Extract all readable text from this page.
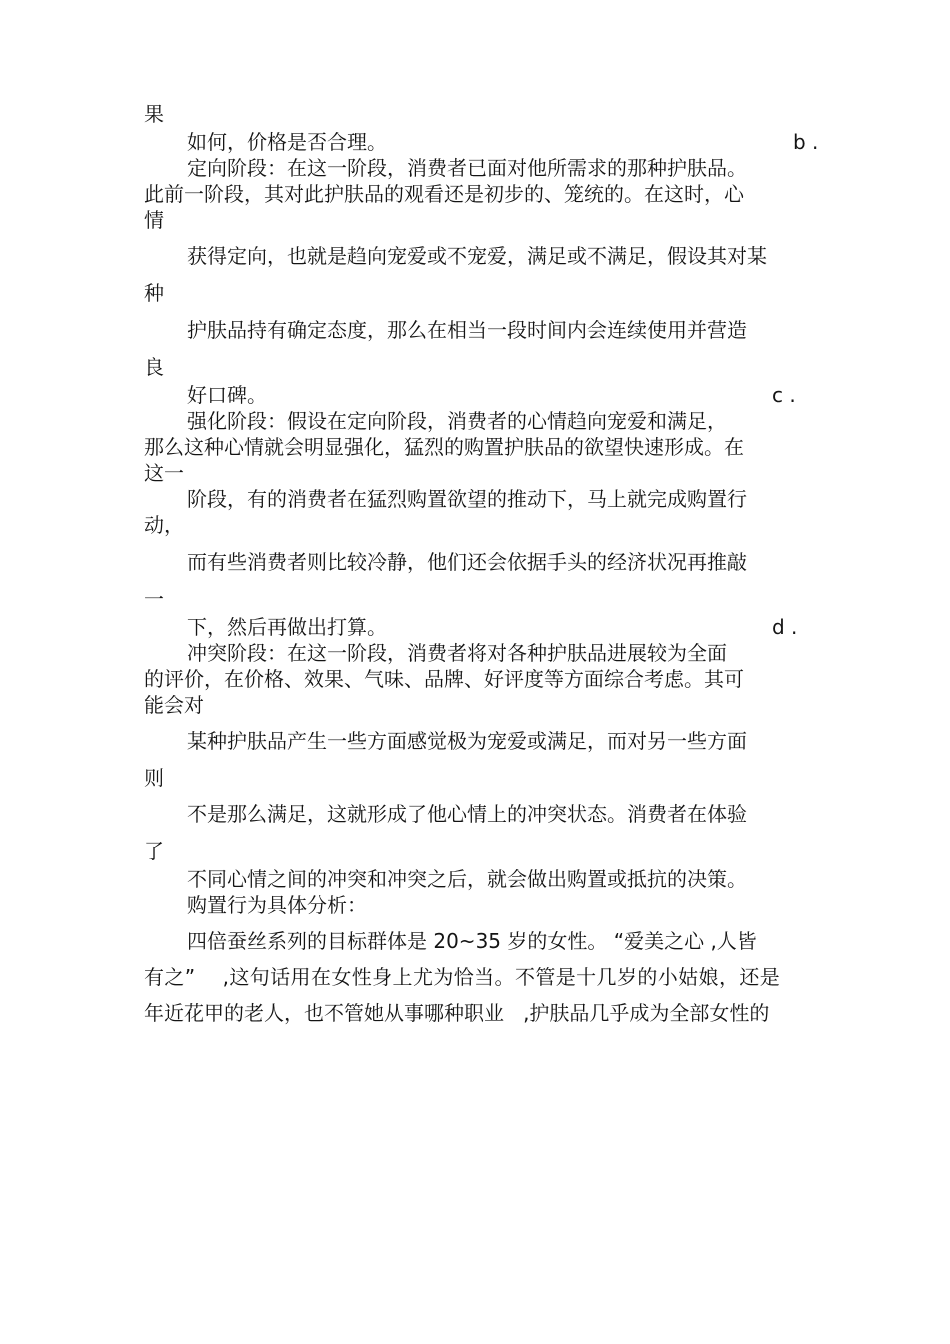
果
如何，价格是否合理。	b .
定向阶段：在这一阶段，消费者已面对他所需求的那种护肤品。
此前一阶段，其对此护肤品的观看还是初步的、笼统的。在这时，心
情
获得定向，也就是趋向宠爱或不宠爱，满足或不满足，假设其对某
种
护肤品持有确定态度，那么在相当一段时间内会连续使用并营造
良
好口碑。	c .
强化阶段：假设在定向阶段，消费者的心情趋向宠爱和满足，
那么这种心情就会明显强化，猛烈的购置护肤品的欲望快速形成。在
这一
阶段，有的消费者在猛烈购置欲望的推动下，马上就完成购置行
动，
而有些消费者则比较冷静，他们还会依据手头的经济状况再推敲
一
下，然后再做出打算。	d .
冲突阶段：在这一阶段，消费者将对各种护肤品进展较为全面
的评价，在价格、效果、气味、品牌、好评度等方面综合考虑。其可
能会对
某种护肤品产生一些方面感觉极为宠爱或满足，而对另一些方面
则
不是那么满足，这就形成了他心情上的冲突状态。消费者在体验
了
不同心情之间的冲突和冲突之后，就会做出购置或抵抗的决策。
购置行为具体分析：
四倍蚕丝系列的目标群体是 20~35 岁的女性。 “爱美之心 ,人皆
有之”    ,这句话用在女性身上尤为恰当。不管是十几岁的小姑娘，还是
年近花甲的老人，也不管她从事哪种职业   ,护肤品几乎成为全部女性的
